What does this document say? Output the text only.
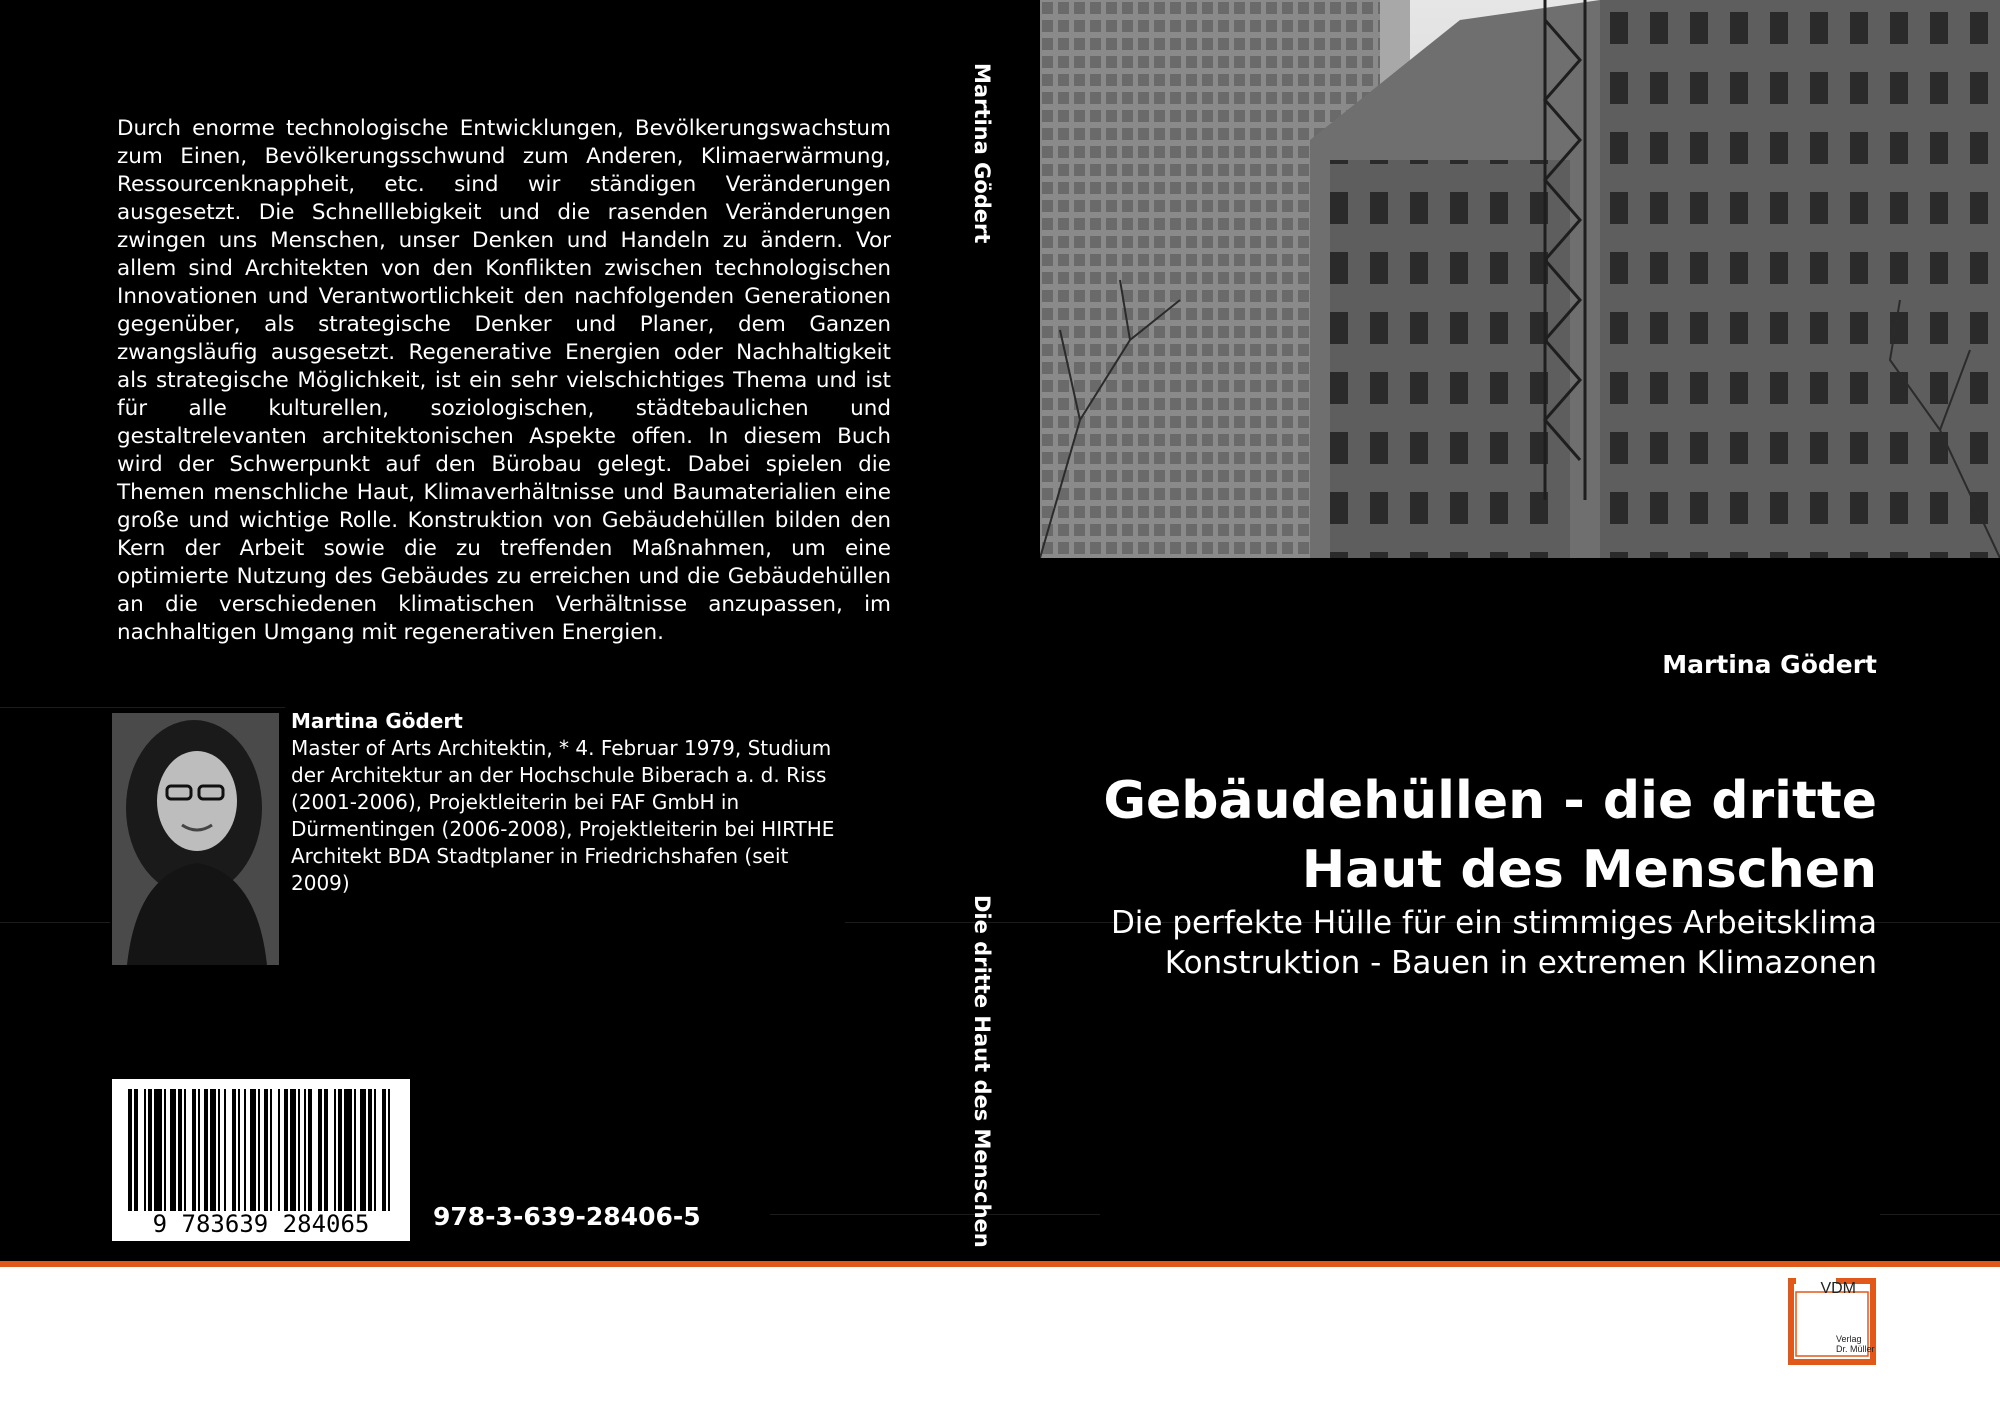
Durch enorme technologische Entwicklungen, Bevölkerungswachstum zum Einen, Bevölkerungsschwund zum Anderen, Klimaerwärmung, Ressourcenknappheit, etc. sind wir ständigen Veränderungen ausgesetzt. Die Schnelllebigkeit und die rasenden Veränderungen zwingen uns Menschen, unser Denken und Handeln zu ändern. Vor allem sind Architekten von den Konflikten zwischen technologischen Innovationen und Verantwortlichkeit den nachfolgenden Generationen gegenüber, als strategische Denker und Planer, dem Ganzen zwangsläufig ausgesetzt. Regenerative Energien oder Nachhaltigkeit als strategische Möglichkeit, ist ein sehr vielschichtiges Thema und ist für alle kulturellen, soziologischen, städtebaulichen und gestaltrelevanten architektonischen Aspekte offen. In diesem Buch wird der Schwerpunkt auf den Bürobau gelegt. Dabei spielen die Themen menschliche Haut, Klimaverhältnisse und Baumaterialien eine große und wichtige Rolle. Konstruktion von Gebäudehüllen bilden den Kern der Arbeit sowie die zu treffenden Maßnahmen, um eine optimierte Nutzung des Gebäudes zu erreichen und die Gebäudehüllen an die verschiedenen klimatischen Verhältnisse anzupassen, im nachhaltigen Umgang mit regenerativen Energien.
Martina Gödert
Master of Arts Architektin, * 4. Februar 1979, Studium der Architektur an der Hochschule Biberach a. d. Riss (2001-2006), Projektleiterin bei FAF GmbH in Dürmentingen (2006-2008), Projektleiterin bei HIRTHE Architekt BDA Stadtplaner in Friedrichshafen (seit 2009)
9 783639 284065	978-3-639-28406-5
Martina Gödert
Die dritte Haut des Menschen
Martina Gödert
Gebäudehüllen - die dritte
Haut des Menschen
Die perfekte Hülle für ein stimmiges Arbeitsklima
Konstruktion - Bauen in extremen Klimazonen
VDM
Verlag
Dr. Müller
